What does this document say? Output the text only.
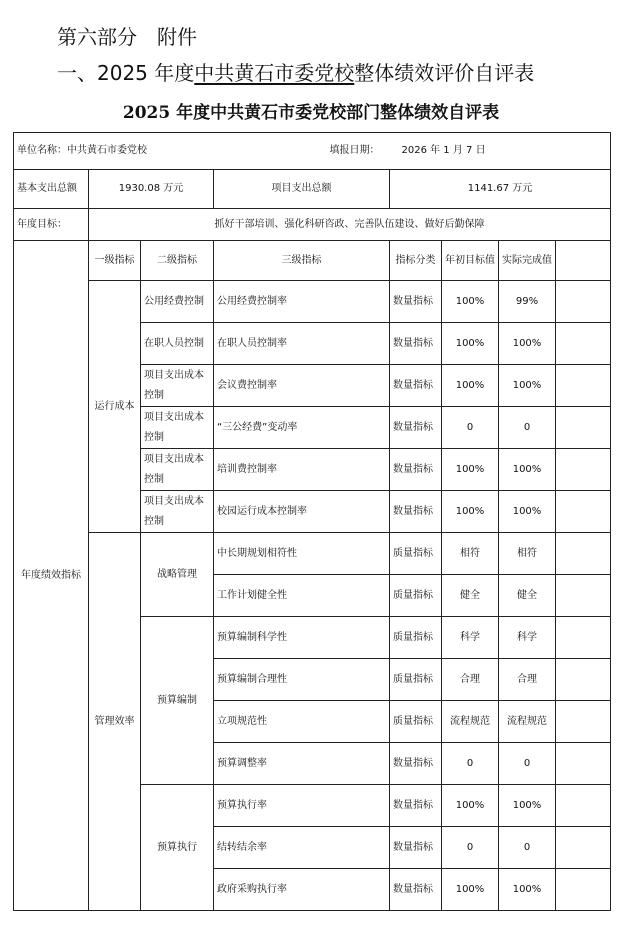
第六部分　附件
一、2025 年度中共黄石市委党校整体绩效评价自评表
2025 年度中共黄石市委党校部门整体绩效自评表
单位名称：中共黄石市委党校				填报日期： 2026 年 1 月 7 日			
基本支出总额	1930.08 万元		项目支出总额	1141.67 万元			
年度目标：	抓好干部培训、强化科研咨政、完善队伍建设、做好后勤保障						
年度绩效指标	一级指标	二级指标	三级指标	指标分类	年初目标值	实际完成值	
	运行成本	公用经费控制	公用经费控制率	数量指标	100%	99%	
		在职人员控制	在职人员控制率	数量指标	100%	100%	
		项目支出成本控制	会议费控制率	数量指标	100%	100%	
		项目支出成本控制	“三公经费”变动率	数量指标	0	0	
		项目支出成本控制	培训费控制率	数量指标	100%	100%	
		项目支出成本控制	校园运行成本控制率	数量指标	100%	100%	
	管理效率	战略管理	中长期规划相符性	质量指标	相符	相符	
			工作计划健全性	质量指标	健全	健全	
		预算编制	预算编制科学性	质量指标	科学	科学	
			预算编制合理性	质量指标	合理	合理	
			立项规范性	质量指标	流程规范	流程规范	
			预算调整率	数量指标	0	0	
		预算执行	预算执行率	数量指标	100%	100%	
			结转结余率	数量指标	0	0	
			政府采购执行率	数量指标	100%	100%	
